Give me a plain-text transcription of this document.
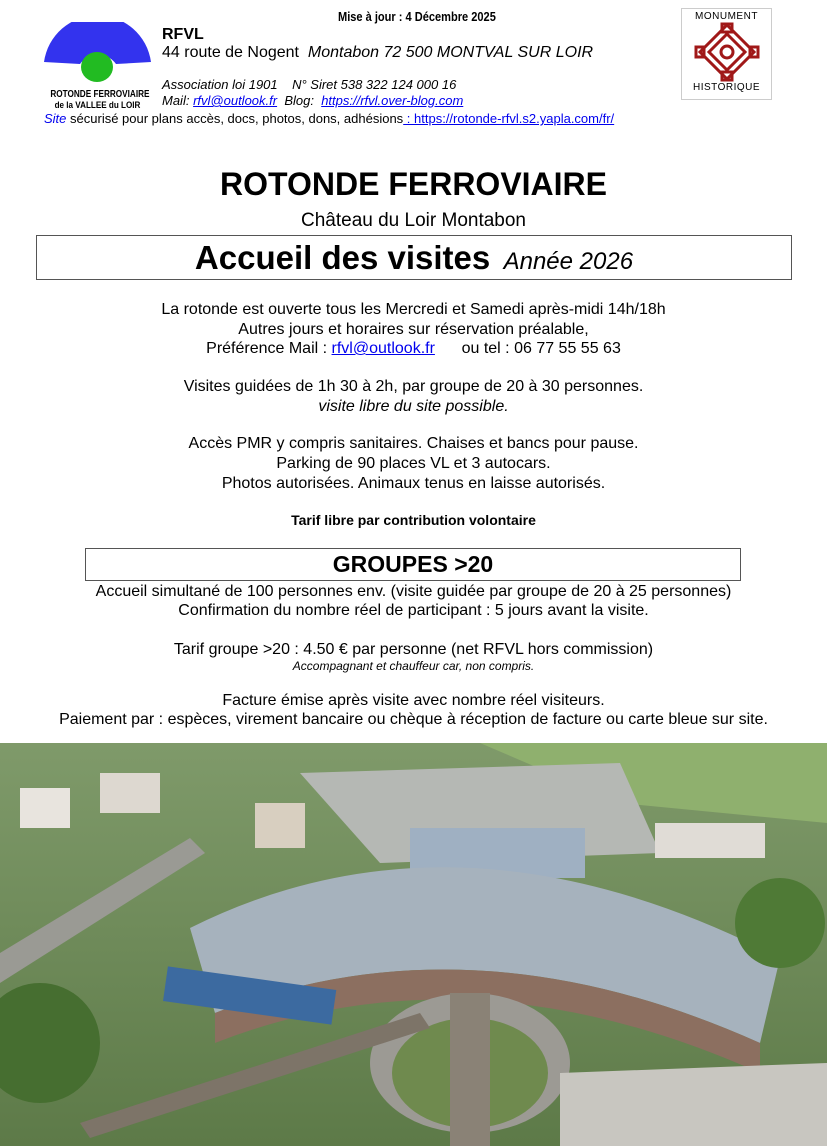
ROTONDE FERROVIAIRE
de la VALLEE du LOIR
Mise à jour : 4 Décembre 2025
RFVL
44 route de Nogent Montabon 72 500 MONTVAL SUR LOIR
Association loi 1901 N° Siret 538 322 124 000 16
Mail: rfvl@outlook.fr Blog: https://rfvl.over-blog.com
Site sécurisé pour plans accès, docs, photos, dons, adhésions : https://rotonde-rfvl.s2.yapla.com/fr/
MONUMENT
HISTORIQUE
ROTONDE FERROVIAIRE
Château du Loir Montabon
Accueil des visites Année 2026
La rotonde est ouverte tous les Mercredi et Samedi après-midi 14h/18h
Autres jours et horaires sur réservation préalable,
Préférence Mail : rfvl@outlook.fr ou tel : 06 77 55 55 63
Visites guidées de 1h 30 à 2h, par groupe de 20 à 30 personnes.
visite libre du site possible.
Accès PMR y compris sanitaires. Chaises et bancs pour pause.
Parking de 90 places VL et 3 autocars.
Photos autorisées. Animaux tenus en laisse autorisés.
Tarif libre par contribution volontaire
GROUPES >20
Accueil simultané de 100 personnes env. (visite guidée par groupe de 20 à 25 personnes)
Confirmation du nombre réel de participant : 5 jours avant la visite.
Tarif groupe >20 : 4.50 € par personne (net RFVL hors commission)
Accompagnant et chauffeur car, non compris.
Facture émise après visite avec nombre réel visiteurs.
Paiement par : espèces, virement bancaire ou chèque à réception de facture ou carte bleue sur site.
